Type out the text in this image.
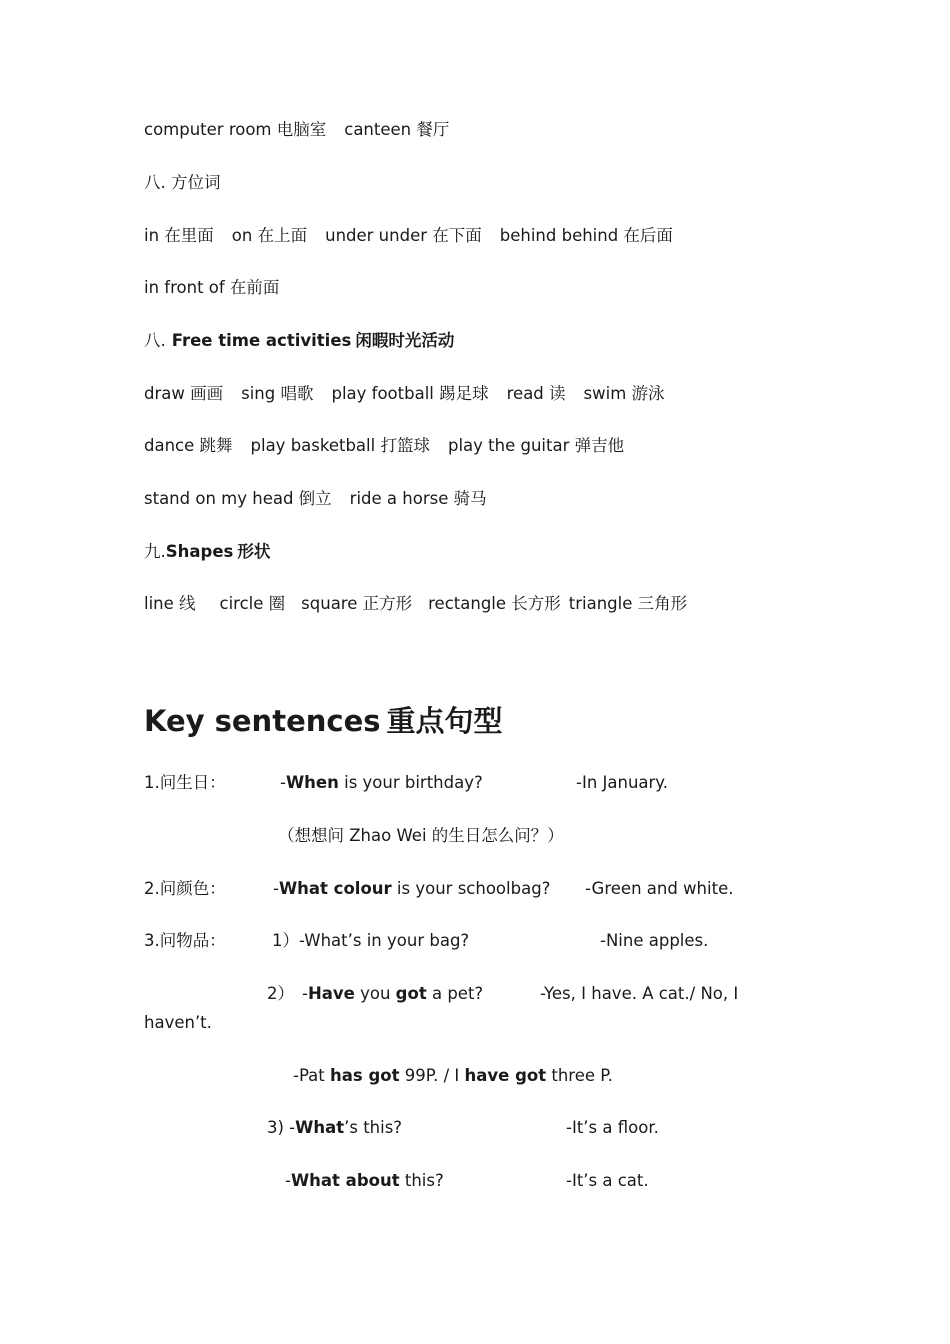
computer room 电脑室 canteen 餐厅
八. 方位词
in 在里面 on 在上面 under under 在下面 behind behind 在后面
in front of 在前面
八. Free time activities 闲暇时光活动
draw 画画 sing 唱歌 play football 踢足球 read 读 swim 游泳
dance 跳舞 play basketball 打篮球 play the guitar 弹吉他
stand on my head 倒立 ride a horse 骑马
九.Shapes 形状
line 线 circle 圈 square 正方形 rectangle 长方形 triangle 三角形
Key sentences 重点句型
1.问生日：	-When is your birthday?	-In January.
（想想问 Zhao Wei 的生日怎么问？）
2.问颜色：	-What colour is your schoolbag? -Green and white.
3.问物品：	1）-What’s in your bag?	-Nine apples.
2） -Have you got a pet?	-Yes, I have. A cat./ No, I
haven’t.
-Pat has got 99P. / I have got three P.
3) -What’s this?	-It’s a floor.
-What about this?	-It’s a cat.
